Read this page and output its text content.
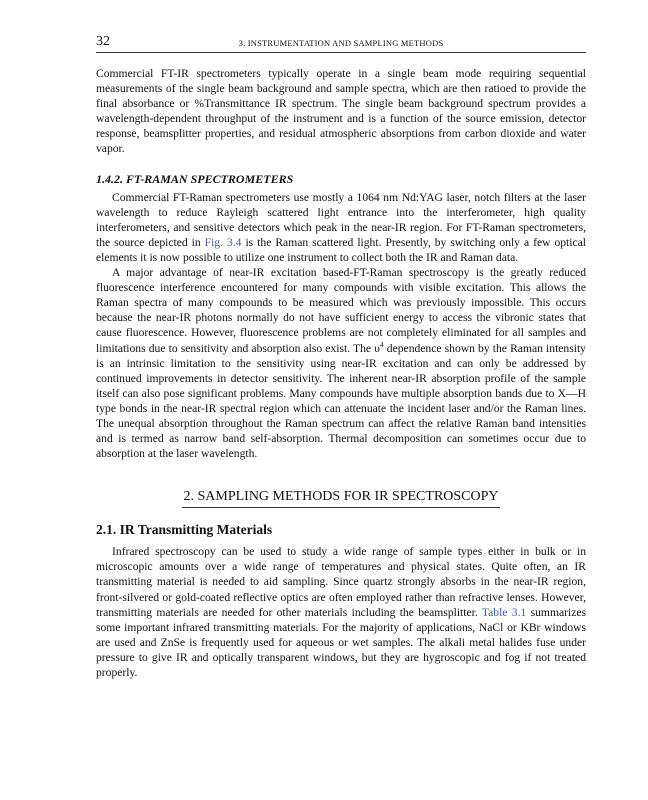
32	3. INSTRUMENTATION AND SAMPLING METHODS

Commercial FT-IR spectrometers typically operate in a single beam mode requiring sequential measurements of the single beam background and sample spectra, which are then ratioed to provide the final absorbance or %Transmittance IR spectrum. The single beam background spectrum provides a wavelength-dependent throughput of the instrument and is a function of the source emission, detector response, beamsplitter properties, and residual atmospheric absorptions from carbon dioxide and water vapor.

1.4.2. FT-RAMAN SPECTROMETERS

Commercial FT-Raman spectrometers use mostly a 1064 nm Nd:YAG laser, notch filters at the laser wavelength to reduce Rayleigh scattered light entrance into the interferometer, high quality interferometers, and sensitive detectors which peak in the near-IR region. For FT-Raman spectrometers, the source depicted in Fig. 3.4 is the Raman scattered light. Presently, by switching only a few optical elements it is now possible to utilize one instrument to collect both the IR and Raman data.

A major advantage of near-IR excitation based-FT-Raman spectroscopy is the greatly reduced fluorescence interference encountered for many compounds with visible excitation. This allows the Raman spectra of many compounds to be measured which was previously impossible. This occurs because the near-IR photons normally do not have sufficient energy to access the vibronic states that cause fluorescence. However, fluorescence problems are not completely eliminated for all samples and limitations due to sensitivity and absorption also exist. The $\upsilon^4$ dependence shown by the Raman intensity is an intrinsic limitation to the sensitivity using near-IR excitation and can only be addressed by continued improvements in detector sensitivity. The inherent near-IR absorption profile of the sample itself can also pose significant problems. Many compounds have multiple absorption bands due to X—H type bonds in the near-IR spectral region which can attenuate the incident laser and/or the Raman lines. The unequal absorption throughout the Raman spectrum can affect the relative Raman band intensities and is termed as narrow band self-absorption. Thermal decomposition can sometimes occur due to absorption at the laser wavelength.

2. SAMPLING METHODS FOR IR SPECTROSCOPY
2.1. IR Transmitting Materials

Infrared spectroscopy can be used to study a wide range of sample types either in bulk or in microscopic amounts over a wide range of temperatures and physical states. Quite often, an IR transmitting material is needed to aid sampling. Since quartz strongly absorbs in the near-IR region, front-silvered or gold-coated reflective optics are often employed rather than refractive lenses. However, transmitting materials are needed for other materials including the beamsplitter. Table 3.1 summarizes some important infrared transmitting materials. For the majority of applications, NaCl or KBr windows are used and ZnSe is frequently used for aqueous or wet samples. The alkali metal halides fuse under pressure to give IR and optically transparent windows, but they are hygroscopic and fog if not treated properly.
